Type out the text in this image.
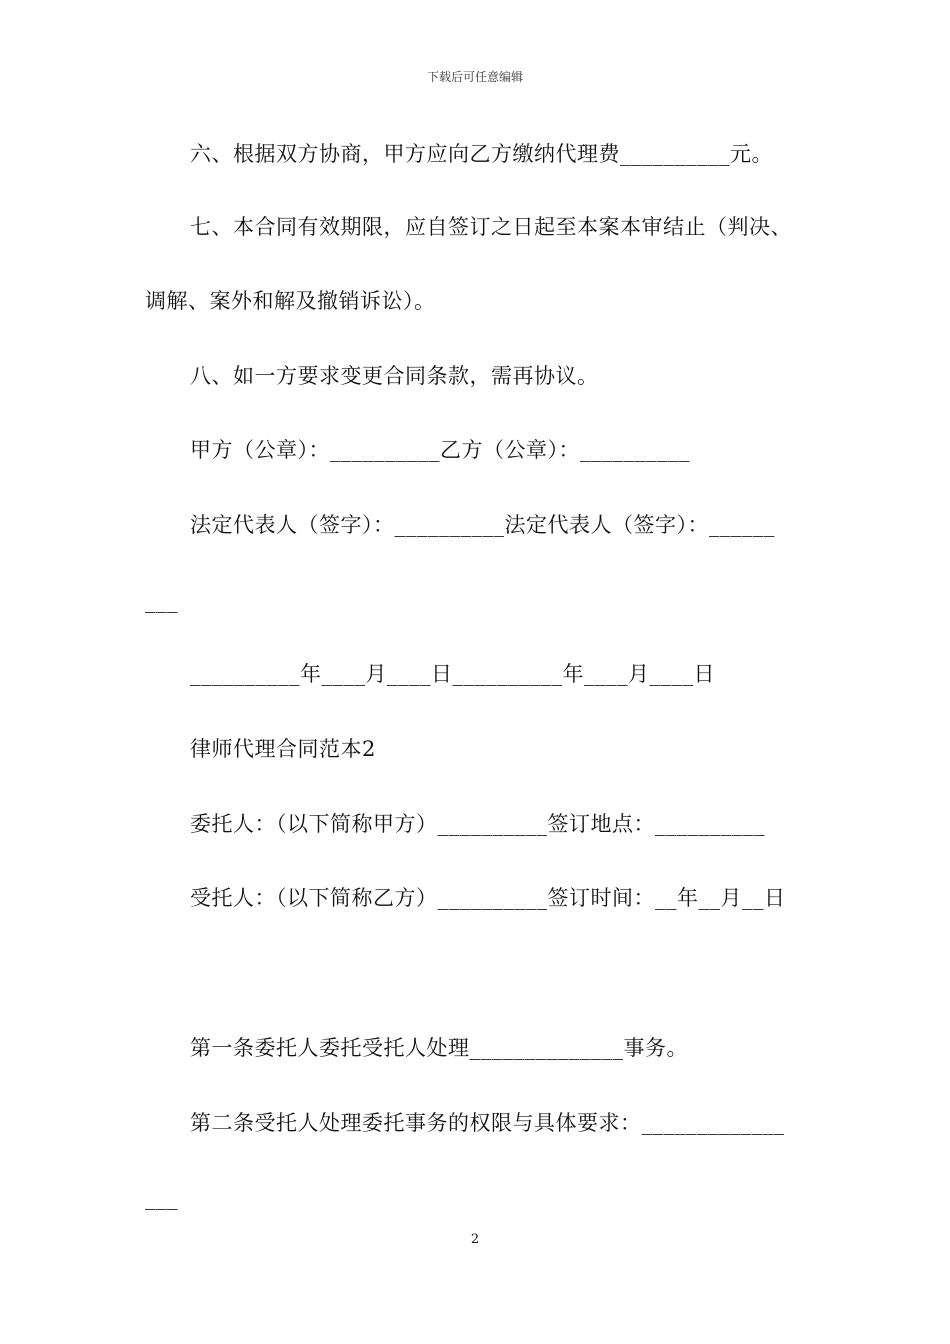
下载后可任意编辑
六、根据双方协商，甲方应向乙方缴纳代理费__________元。
七、本合同有效期限，应自签订之日起至本案本审结止（判决、
调解、案外和解及撤销诉讼）。
八、如一方要求变更合同条款，需再协议。
甲方（公章）：__________乙方（公章）：__________
法定代表人（签字）：__________法定代表人（签字）：______
___
__________年____月____日__________年____月____日
律师代理合同范本2
委托人：（以下简称甲方）__________签订地点：__________
受托人：（以下简称乙方）__________签订时间：__年__月__日
第一条委托人委托受托人处理______________事务。
第二条受托人处理委托事务的权限与具体要求：_____________
___
2
